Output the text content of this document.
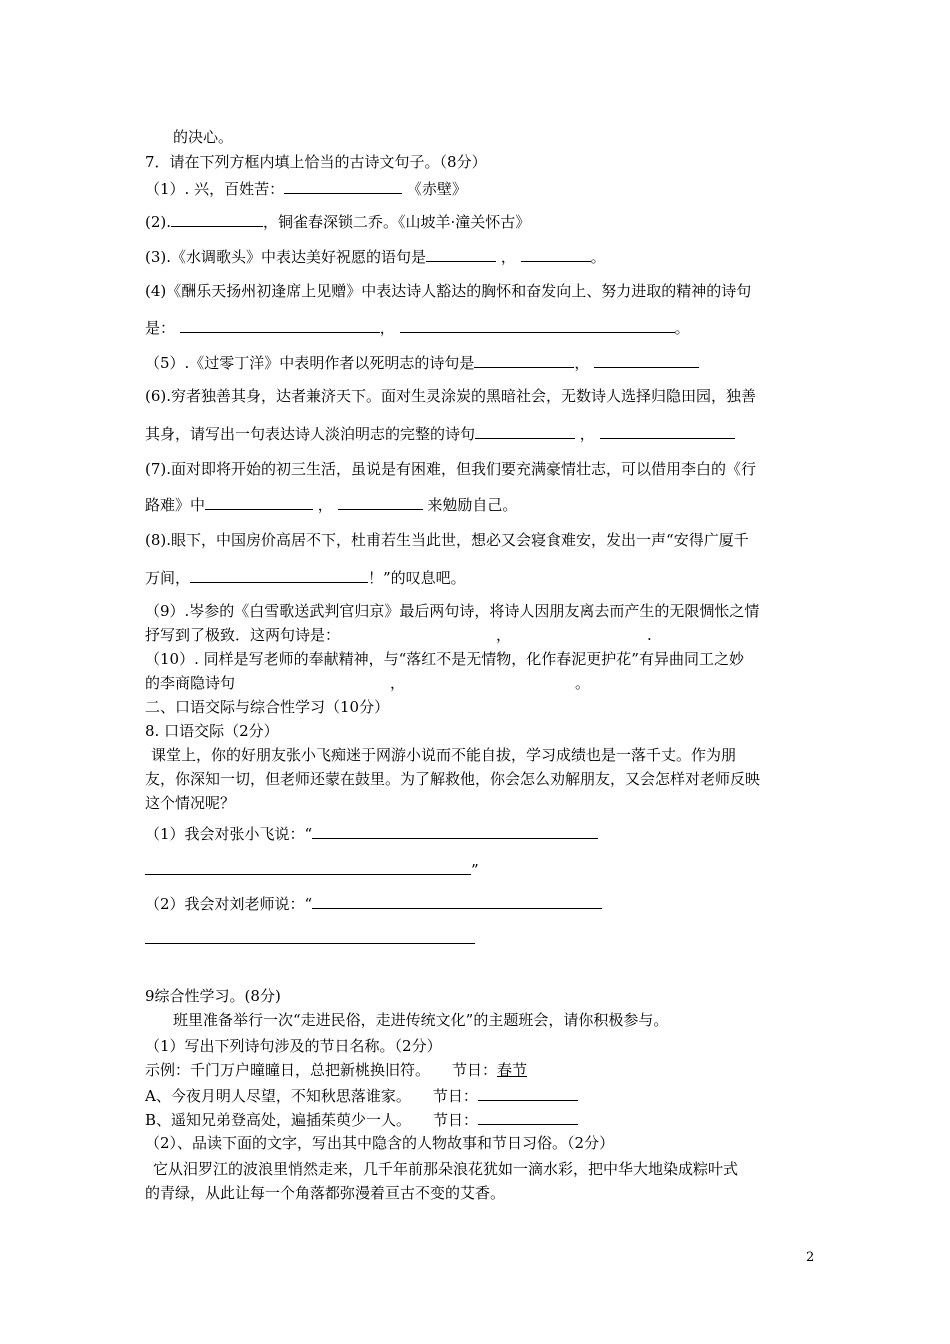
的决心。
7．请在下列方框内填上恰当的古诗文句子。（8分）
（1）. 兴，百姓苦：	《赤壁》
(2).	，铜雀春深锁二乔。《山坡羊·潼关怀古》
(3).《水调歌头》中表达美好祝愿的语句是	，	。
(4)《酬乐天扬州初逢席上见赠》中表达诗人豁达的胸怀和奋发向上、努力进取的精神的诗句
是：	，	。
（5）.《过零丁洋》中表明作者以死明志的诗句是	，
(6).穷者独善其身，达者兼济天下。面对生灵涂炭的黑暗社会，无数诗人选择归隐田园，独善
其身，请写出一句表达诗人淡泊明志的完整的诗句	，
(7).面对即将开始的初三生活，虽说是有困难，但我们要充满豪情壮志，可以借用李白的《行
路难》中	，	来勉励自己。
(8).眼下，中国房价高居不下，杜甫若生当此世，想必又会寝食难安，发出一声“安得广厦千
万间，	！”的叹息吧。
（9）.岑参的《白雪歌送武判官归京》最后两句诗，将诗人因朋友离去而产生的无限惆怅之情
抒写到了极致．这两句诗是：	，	.
（10）. 同样是写老师的奉献精神，与“落红不是无情物，化作春泥更护花”有异曲同工之妙
的李商隐诗句	，	。
二、口语交际与综合性学习（10分）
8. 口语交际（2分）
课堂上，你的好朋友张小飞痴迷于网游小说而不能自拔，学习成绩也是一落千丈。作为朋
友，你深知一切，但老师还蒙在鼓里。为了解救他，你会怎么劝解朋友，又会怎样对老师反映
这个情况呢？
（1）我会对张小飞说：“
”
（2）我会对刘老师说：“
9综合性学习。(8分)
班里准备举行一次“走进民俗，走进传统文化”的主题班会，请你积极参与。
（1）写出下列诗句涉及的节日名称。（2分）
示例：千门万户曈曈日，总把新桃换旧符。 节日：春节
A、今夜月明人尽望，不知秋思落谁家。 节日：
B、遥知兄弟登高处，遍插茱萸少一人。 节日：
（2）、品读下面的文字，写出其中隐含的人物故事和节日习俗。（2分）
它从汨罗江的波浪里悄然走来，几千年前那朵浪花犹如一滴水彩，把中华大地染成粽叶式
的青绿，从此让每一个角落都弥漫着亘古不变的艾香。
2
